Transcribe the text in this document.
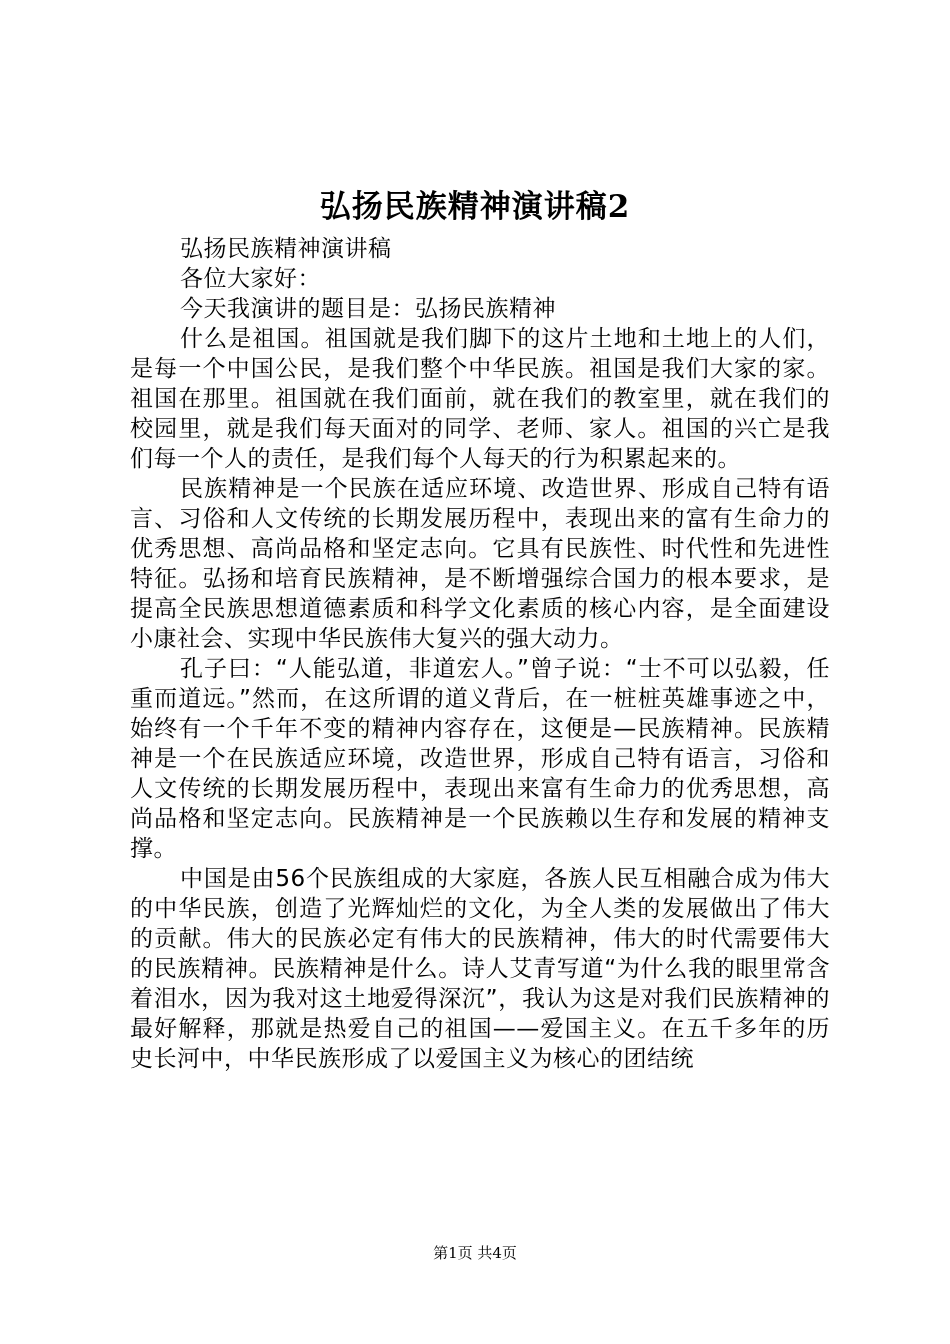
弘扬民族精神演讲稿2

弘扬民族精神演讲稿

各位大家好：

今天我演讲的题目是：弘扬民族精神

什么是祖国。祖国就是我们脚下的这片土地和土地上的人们，是每一个中国公民，是我们整个中华民族。祖国是我们大家的家。祖国在那里。祖国就在我们面前，就在我们的教室里，就在我们的校园里，就是我们每天面对的同学、老师、家人。祖国的兴亡是我们每一个人的责任，是我们每个人每天的行为积累起来的。

民族精神是一个民族在适应环境、改造世界、形成自己特有语言、习俗和人文传统的长期发展历程中，表现出来的富有生命力的优秀思想、高尚品格和坚定志向。它具有民族性、时代性和先进性特征。弘扬和培育民族精神，是不断增强综合国力的根本要求，是提高全民族思想道德素质和科学文化素质的核心内容，是全面建设小康社会、实现中华民族伟大复兴的强大动力。

孔子曰：“人能弘道，非道宏人。”曾子说：“士不可以弘毅，任重而道远。”然而，在这所谓的道义背后，在一桩桩英雄事迹之中，始终有一个千年不变的精神内容存在，这便是—民族精神。民族精神是一个在民族适应环境，改造世界，形成自己特有语言，习俗和人文传统的长期发展历程中，表现出来富有生命力的优秀思想，高尚品格和坚定志向。民族精神是一个民族赖以生存和发展的精神支撑。

中国是由56个民族组成的大家庭，各族人民互相融合成为伟大的中华民族，创造了光辉灿烂的文化，为全人类的发展做出了伟大的贡献。伟大的民族必定有伟大的民族精神，伟大的时代需要伟大的民族精神。民族精神是什么。诗人艾青写道“为什么我的眼里常含着泪水，因为我对这土地爱得深沉”，我认为这是对我们民族精神的最好解释，那就是热爱自己的祖国——爱国主义。在五千多年的历史长河中，中华民族形成了以爱国主义为核心的团结统

第1页 共4页
